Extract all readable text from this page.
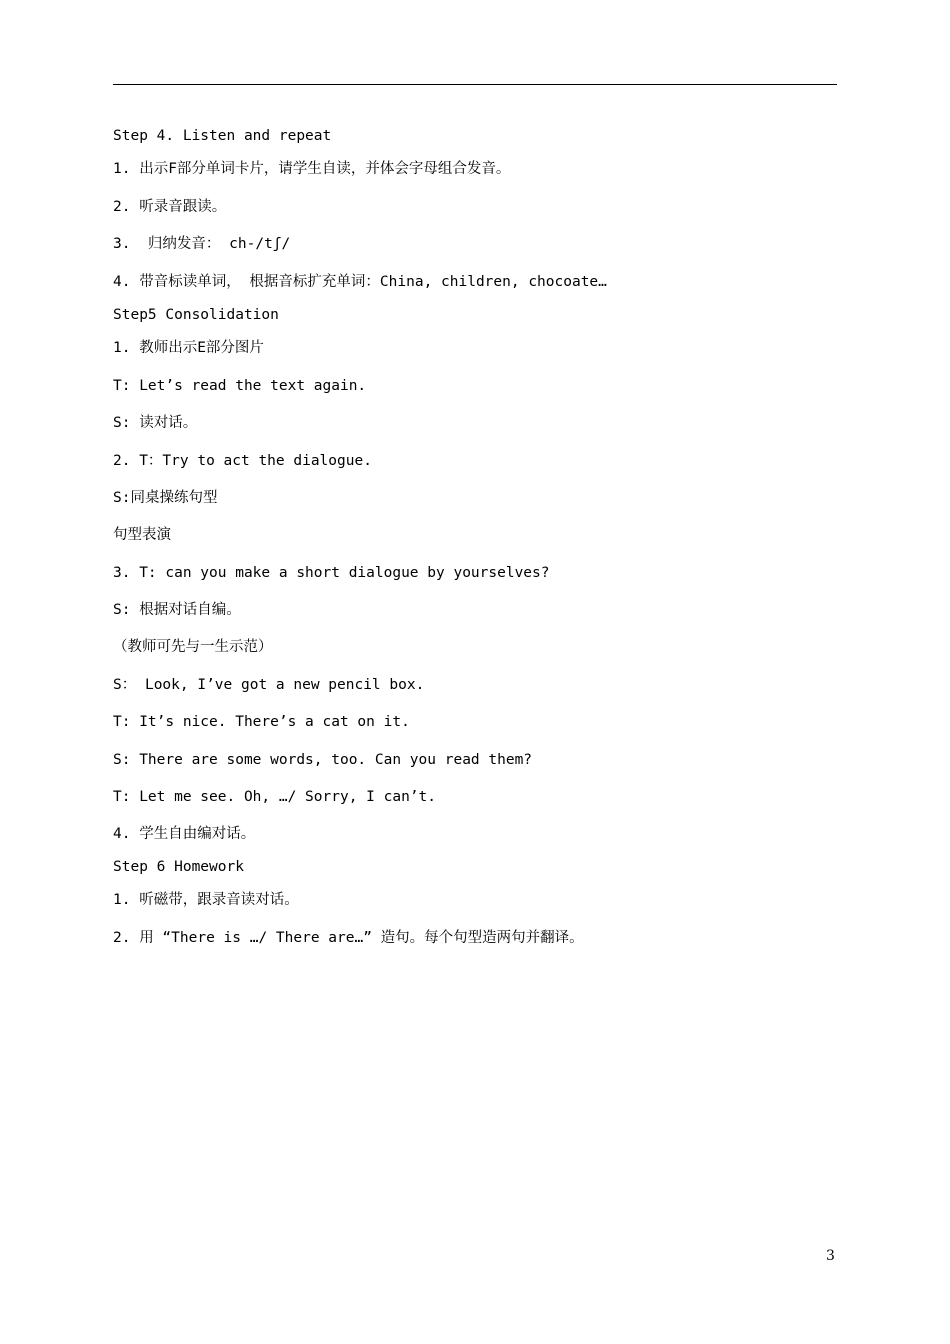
Step 4. Listen and repeat
1. 出示F部分单词卡片，请学生自读，并体会字母组合发音。
2. 听录音跟读。
3.  归纳发音： ch-/tʃ/
4. 带音标读单词， 根据音标扩充单词：China, children, chocoate…
Step5 Consolidation
1. 教师出示E部分图片
T: Let’s read the text again.
S: 读对话。
2. T：Try to act the dialogue.
S:同桌操练句型
句型表演
3. T: can you make a short dialogue by yourselves?
S: 根据对话自编。
（教师可先与一生示范）
S： Look, I’ve got a new pencil box.
T: It’s nice. There’s a cat on it.
S: There are some words, too. Can you read them?
T: Let me see. Oh, …/ Sorry, I can’t.
4. 学生自由编对话。
Step 6 Homework
1. 听磁带，跟录音读对话。
2. 用 “There is …/ There are…” 造句。每个句型造两句并翻译。
3
